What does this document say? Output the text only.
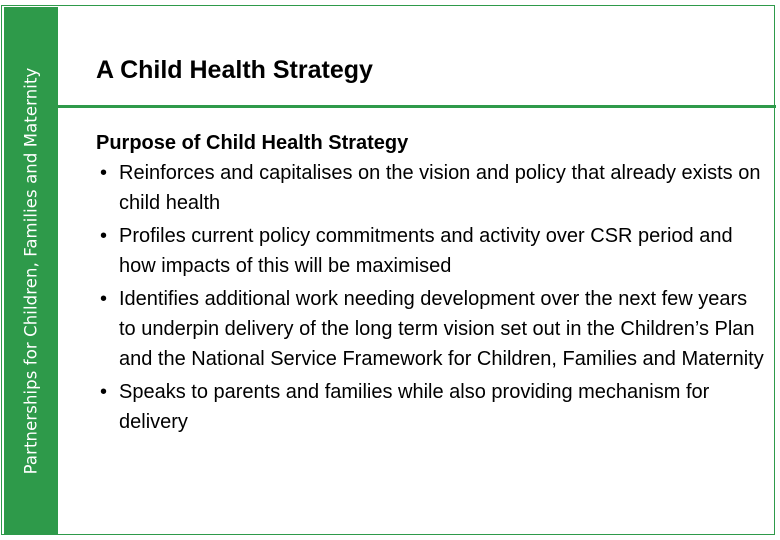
Partnerships for Children, Families and Maternity A Child Health Strategy
Purpose of Child Health Strategy
• Reinforces and capitalises on the vision and policy that already exists on child health
• Profiles current policy commitments and activity over CSR period and how impacts of this will be maximised
• Identifies additional work needing development over the next few years to underpin delivery of the long term vision set out in the Children’s Plan and the National Service Framework for Children, Families and Maternity
• Speaks to parents and families while also providing mechanism for delivery
